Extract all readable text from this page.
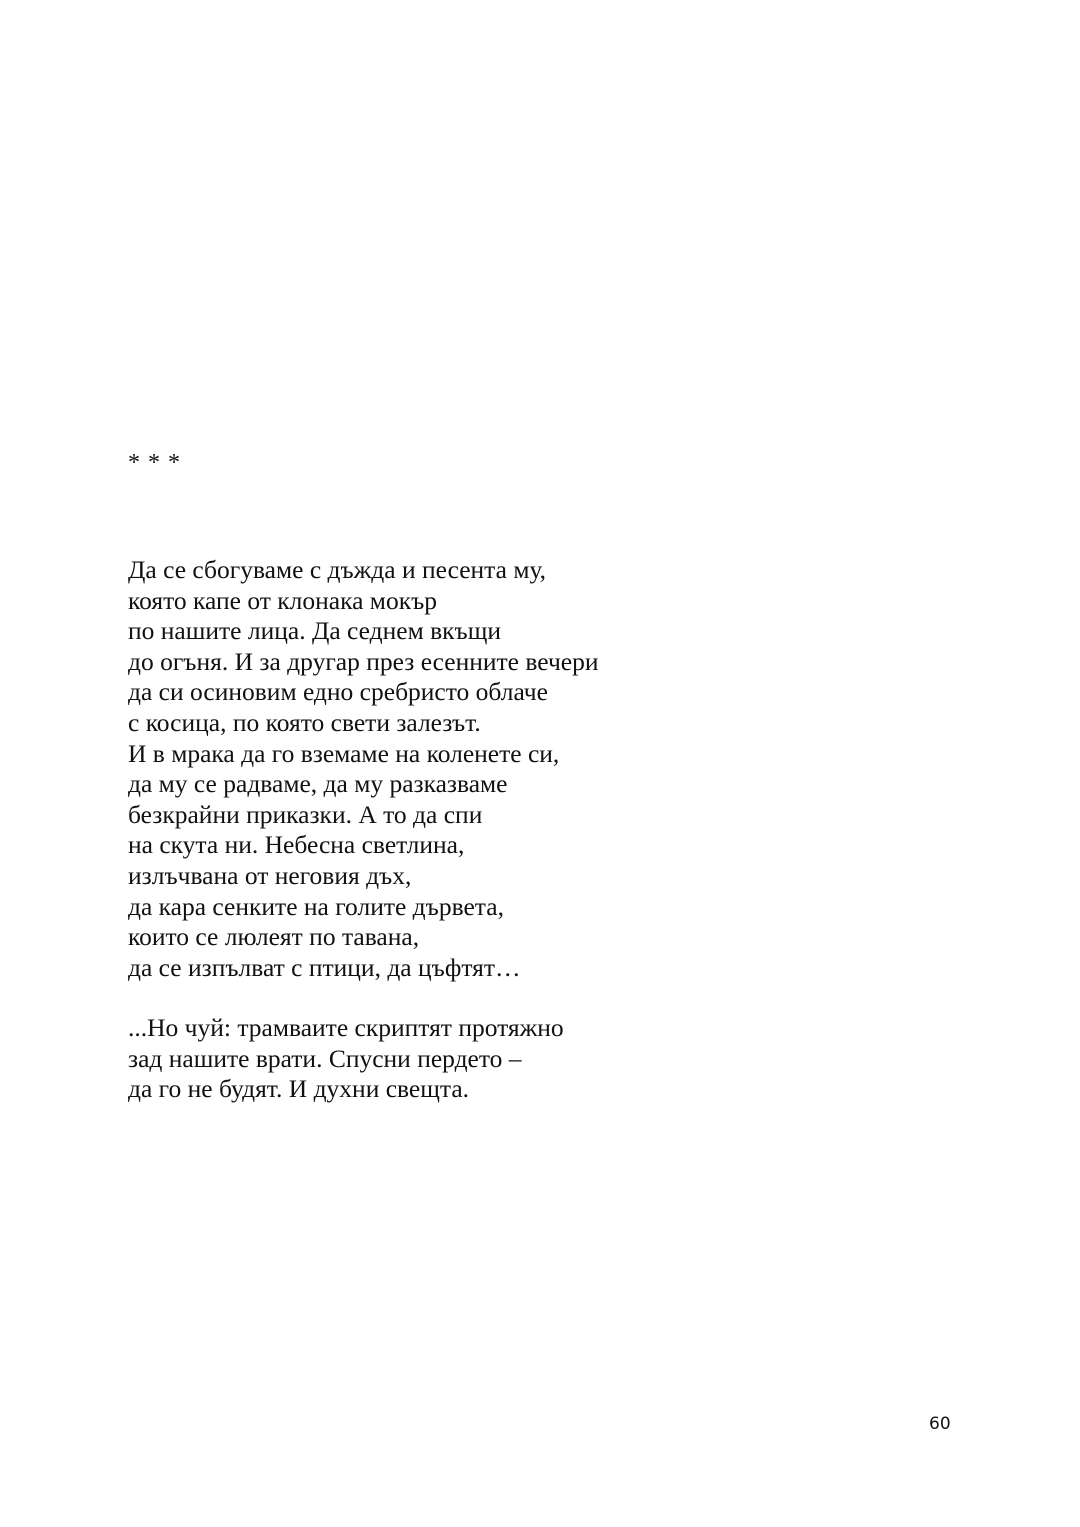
* * *
Да се сбогуваме с дъжда и песента му,
която капе от клонака мокър
по нашите лица. Да седнем вкъщи
до огъня. И за другар през есенните вечери
да си осиновим едно сребристо облаче
с косица, по която свети залезът.
И в мрака да го вземаме на коленете си,
да му се радваме, да му разказваме
безкрайни приказки. А то да спи
на скута ни. Небесна светлина,
излъчвана от неговия дъх,
да кара сенките на голите дървета,
които се люлеят по тавана,
да се изпълват с птици, да цъфтят…
...Но чуй: трамваите скриптят протяжно
зад нашите врати. Спусни пердето –
да го не будят. И духни свещта.
60
